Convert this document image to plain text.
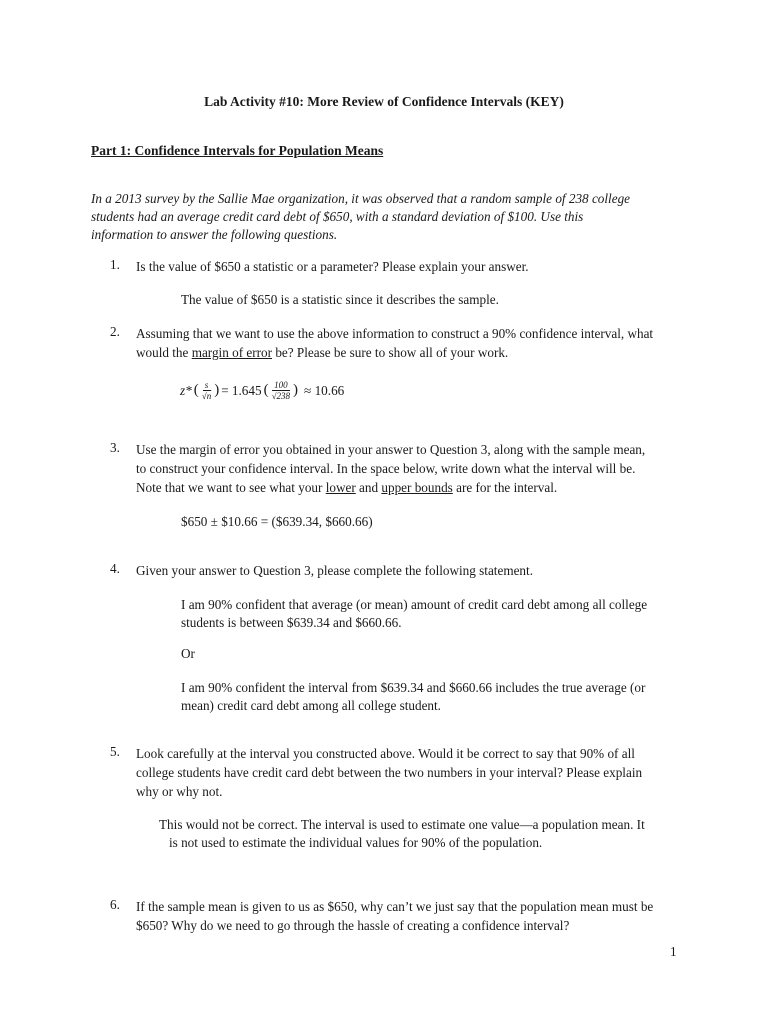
Lab Activity #10: More Review of Confidence Intervals (KEY)
Part 1: Confidence Intervals for Population Means
In a 2013 survey by the Sallie Mae organization, it was observed that a random sample of 238 college
students had an average credit card debt of $650, with a standard deviation of $100. Use this
information to answer the following questions.
1. Is the value of $650 a statistic or a parameter? Please explain your answer.
The value of $650 is a statistic since it describes the sample.
2. Assuming that we want to use the above information to construct a 90% confidence interval, what
would the margin of error be? Please be sure to show all of your work.
z* ( $\frac{s}{√n}$ ) = 1.645 ( $\frac{100}{√238}$ ) ≈ 10.66
3. Use the margin of error you obtained in your answer to Question 3, along with the sample mean,
to construct your confidence interval. In the space below, write down what the interval will be.
Note that we want to see what your lower and upper bounds are for the interval.
$650 ± $10.66 = ($639.34, $660.66)
4. Given your answer to Question 3, please complete the following statement.
I am 90% confident that average (or mean) amount of credit card debt among all college
students is between $639.34 and $660.66.
Or
I am 90% confident the interval from $639.34 and $660.66 includes the true average (or
mean) credit card debt among all college student.
5. Look carefully at the interval you constructed above. Would it be correct to say that 90% of all
college students have credit card debt between the two numbers in your interval? Please explain
why or why not.
This would not be correct. The interval is used to estimate one value—a population mean. It
is not used to estimate the individual values for 90% of the population.
6. If the sample mean is given to us as $650, why can’t we just say that the population mean must be
$650? Why do we need to go through the hassle of creating a confidence interval?
1
